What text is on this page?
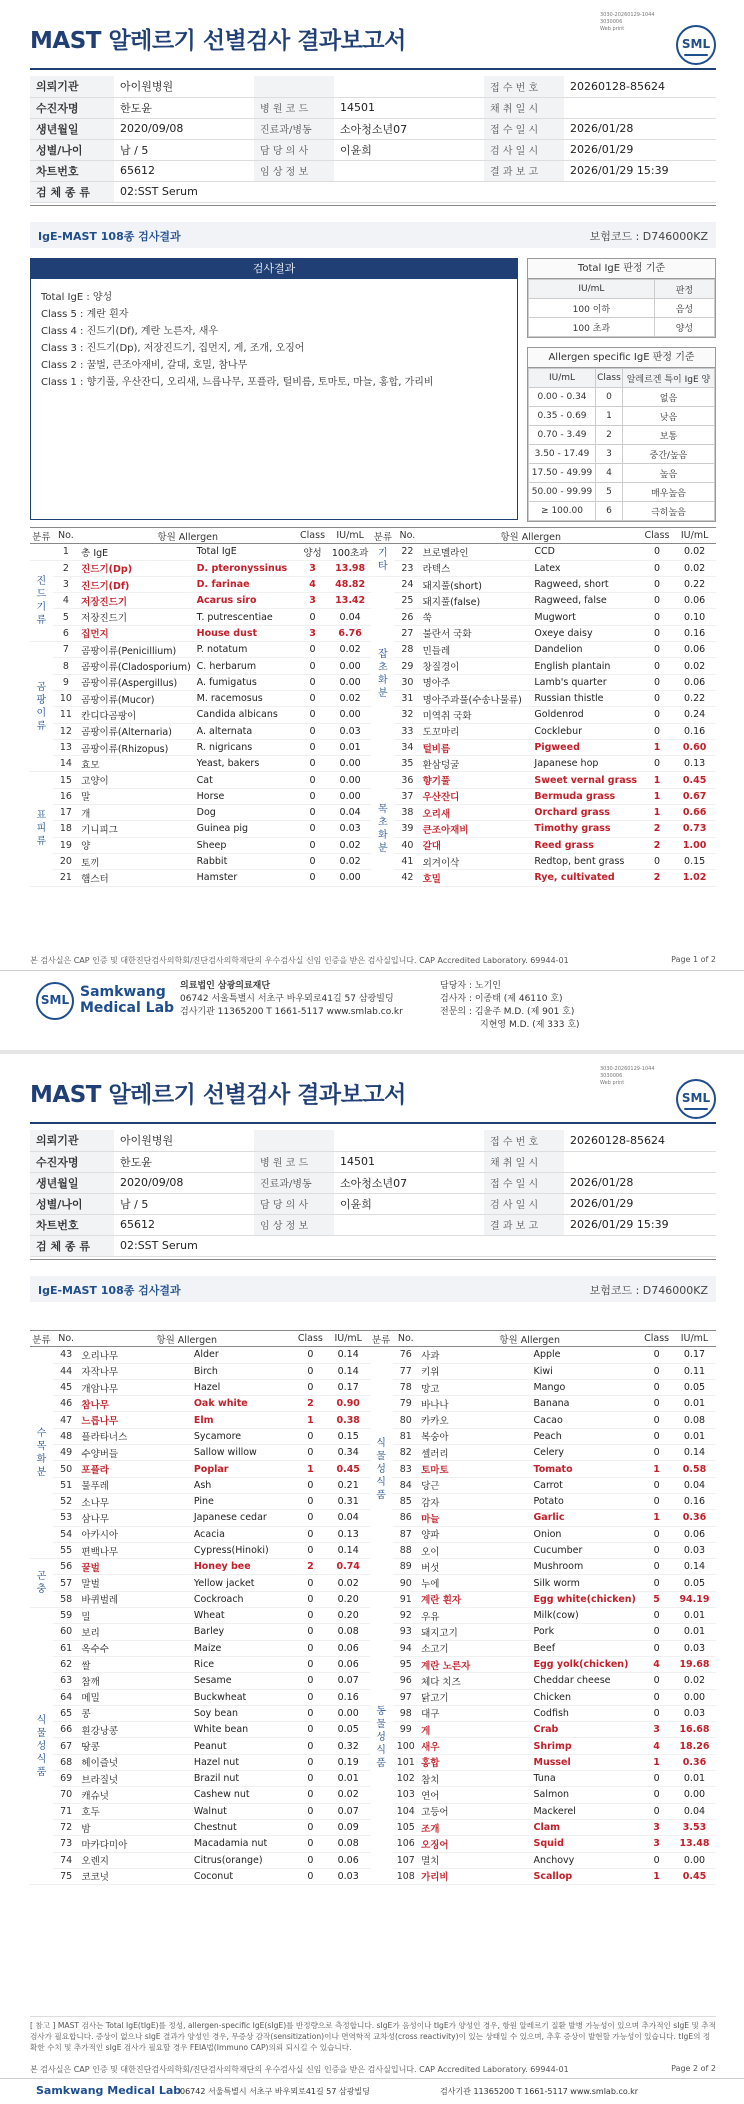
3030-20260129-1044
3030006
Web print
MAST 알레르기 선별검사 결과보고서	SML
의뢰기관	아이원병원			접 수 번 호	20260128-85624
수진자명	한도윤	병 원 코 드	14501	채 취 일 시	
생년월일	2020/09/08	진료과/병동	소아청소년07	접 수 일 시	2026/01/28
성별/나이	남 / 5	담 당 의 사	이윤희	검 사 일 시	2026/01/29
차트번호	65612	임 상 정 보		결 과 보 고	2026/01/29 15:39
검 체 종 류	02:SST Serum				
IgE-MAST 108종 검사결과	보험코드 : D746000KZ
검사결과
Total IgE : 양성
Class 5 : 계란 흰자
Class 4 : 진드기(Df), 계란 노른자, 새우
Class 3 : 진드기(Dp), 저장진드기, 집먼지, 게, 조개, 오징어
Class 2 : 꿀벌, 큰조아재비, 갈대, 호밀, 참나무
Class 1 : 향기풀, 우산잔디, 오리새, 느릅나무, 포플라, 털비름, 토마토, 마늘, 홍합, 가리비
Total IgE 판정 기준
IU/mL	판정
100 이하	음성
100 초과	양성
Allergen specific IgE 판정 기준
IU/mL	Class	알레르겐 특이 IgE 양
0.00 - 0.34	0	없음
0.35 - 0.69	1	낮음
0.70 - 3.49	2	보통
3.50 - 17.49	3	중간/높음
17.50 - 49.99	4	높음
50.00 - 99.99	5	매우높음
≥ 100.00	6	극히높음
분류	No.	항원 Allergen		Class	IU/mL	분류	No.	항원 Allergen		Class	IU/mL
	1	총 IgE	Total IgE	양성	100초과	기타	22	브로멜라인	CCD	0	0.02
진드기류	2	진드기(Dp)	D. pteronyssinus	3	13.98		23	라텍스	Latex	0	0.02
	3	진드기(Df)	D. farinae	4	48.82	잡초화분	24	돼지풀(short)	Ragweed, short	0	0.22
	4	저장진드기	Acarus siro	3	13.42		25	돼지풀(false)	Ragweed, false	0	0.06
	5	저장진드기	T. putrescentiae	0	0.04		26	쑥	Mugwort	0	0.10
	6	집먼지	House dust	3	6.76		27	불란서 국화	Oxeye daisy	0	0.16
곰팡이류	7	곰팡이류(Penicillium)	P. notatum	0	0.02		28	민들레	Dandelion	0	0.06
	8	곰팡이류(Cladosporium)	C. herbarum	0	0.00		29	창질경이	English plantain	0	0.02
	9	곰팡이류(Aspergillus)	A. fumigatus	0	0.00		30	명아주	Lamb's quarter	0	0.06
	10	곰팡이류(Mucor)	M. racemosus	0	0.02		31	명아주과풀(수송나물류)	Russian thistle	0	0.22
	11	칸디다곰팡이	Candida albicans	0	0.00		32	미역취 국화	Goldenrod	0	0.24
	12	곰팡이류(Alternaria)	A. alternata	0	0.03		33	도꼬마리	Cocklebur	0	0.16
	13	곰팡이류(Rhizopus)	R. nigricans	0	0.01		34	털비름	Pigweed	1	0.60
	14	효모	Yeast, bakers	0	0.00		35	환삼덩굴	Japanese hop	0	0.13
표피류	15	고양이	Cat	0	0.00	목초화분	36	향기풀	Sweet vernal grass	1	0.45
	16	말	Horse	0	0.00		37	우산잔디	Bermuda grass	1	0.67
	17	개	Dog	0	0.04		38	오리새	Orchard grass	1	0.66
	18	기니피그	Guinea pig	0	0.03		39	큰조아재비	Timothy grass	2	0.73
	19	양	Sheep	0	0.02		40	갈대	Reed grass	2	1.00
	20	토끼	Rabbit	0	0.02		41	외겨이삭	Redtop, bent grass	0	0.15
	21	햄스터	Hamster	0	0.00		42	호밀	Rye, cultivated	2	1.02
본 검사실은 CAP 인증 및 대한진단검사의학회/진단검사의학재단의 우수검사실 신임 인증을 받은 검사실입니다. CAP Accredited Laboratory. 69944-01	Page 1 of 2
SML Samkwang
Medical Lab
의료법인 삼광의료재단
06742 서울특별시 서초구 바우뫼로41길 57 삼광빌딩
검사기관 11365200 T 1661-5117 www.smlab.co.kr
담당자 : 노기인
검사자 : 이종태 (제 46110 호)
전문의 : 김윤주 M.D. (제 901 호)
지현영 M.D. (제 333 호)
3030-20260129-1044
3030006
Web print
MAST 알레르기 선별검사 결과보고서	SML
의뢰기관	아이원병원			접 수 번 호	20260128-85624
수진자명	한도윤	병 원 코 드	14501	채 취 일 시	
생년월일	2020/09/08	진료과/병동	소아청소년07	접 수 일 시	2026/01/28
성별/나이	남 / 5	담 당 의 사	이윤희	검 사 일 시	2026/01/29
차트번호	65612	임 상 정 보		결 과 보 고	2026/01/29 15:39
검 체 종 류	02:SST Serum				
IgE-MAST 108종 검사결과	보험코드 : D746000KZ
분류	No.	항원 Allergen		Class	IU/mL	분류	No.	항원 Allergen		Class	IU/mL
수목화분	43	오리나무	Alder	0	0.14	식물성식품	76	사과	Apple	0	0.17
	44	자작나무	Birch	0	0.14		77	키위	Kiwi	0	0.11
	45	개암나무	Hazel	0	0.17		78	망고	Mango	0	0.05
	46	참나무	Oak white	2	0.90		79	바나나	Banana	0	0.01
	47	느릅나무	Elm	1	0.38		80	카카오	Cacao	0	0.08
	48	플라타너스	Sycamore	0	0.15		81	복숭아	Peach	0	0.01
	49	수양버들	Sallow willow	0	0.34		82	셀러리	Celery	0	0.14
	50	포플라	Poplar	1	0.45		83	토마토	Tomato	1	0.58
	51	물푸레	Ash	0	0.21		84	당근	Carrot	0	0.04
	52	소나무	Pine	0	0.31		85	감자	Potato	0	0.16
	53	삼나무	Japanese cedar	0	0.04		86	마늘	Garlic	1	0.36
	54	아카시아	Acacia	0	0.13		87	양파	Onion	0	0.06
	55	편백나무	Cypress(Hinoki)	0	0.14		88	오이	Cucumber	0	0.03
곤충	56	꿀벌	Honey bee	2	0.74		89	버섯	Mushroom	0	0.14
	57	말벌	Yellow jacket	0	0.02		90	누에	Silk worm	0	0.05
	58	바퀴벌레	Cockroach	0	0.20	동물성식품	91	계란 흰자	Egg white(chicken)	5	94.19
식물성식품	59	밀	Wheat	0	0.20		92	우유	Milk(cow)	0	0.01
	60	보리	Barley	0	0.08		93	돼지고기	Pork	0	0.01
	61	옥수수	Maize	0	0.06		94	소고기	Beef	0	0.03
	62	쌀	Rice	0	0.06		95	계란 노른자	Egg yolk(chicken)	4	19.68
	63	참깨	Sesame	0	0.07		96	체다 치즈	Cheddar cheese	0	0.02
	64	메밀	Buckwheat	0	0.16		97	닭고기	Chicken	0	0.00
	65	콩	Soy bean	0	0.00		98	대구	Codfish	0	0.03
	66	흰강낭콩	White bean	0	0.05		99	게	Crab	3	16.68
	67	땅콩	Peanut	0	0.32		100	새우	Shrimp	4	18.26
	68	헤이즐넛	Hazel nut	0	0.19		101	홍합	Mussel	1	0.36
	69	브라질넛	Brazil nut	0	0.01		102	참치	Tuna	0	0.01
	70	캐슈넛	Cashew nut	0	0.02		103	연어	Salmon	0	0.00
	71	호두	Walnut	0	0.07		104	고등어	Mackerel	0	0.04
	72	밤	Chestnut	0	0.09		105	조개	Clam	3	3.53
	73	마카다미아	Macadamia nut	0	0.08		106	오징어	Squid	3	13.48
	74	오렌지	Citrus(orange)	0	0.06		107	멸치	Anchovy	0	0.00
	75	코코넛	Coconut	0	0.03		108	가리비	Scallop	1	0.45
본 검사실은 CAP 인증 및 대한진단검사의학회/진단검사의학재단의 우수검사실 신임 인증을 받은 검사실입니다. CAP Accredited Laboratory. 69944-01	Page 2 of 2
[ 참고 ] MAST 검사는 Total IgE(tIgE)를 정성, allergen-specific IgE(sIgE)를 반정량으로 측정합니다. sIgE가 음성이나 tIgE가 양성인 경우, 항원 알레르기 질환 발병 가능성이 있으며 추가적인 sIgE 및 추적검사가 필요합니다. 증상이 없으나 sIgE 결과가 양성인 경우, 무증상 감작(sensitization)이나 면역학적 교차성(cross reactivity)이 있는 상태일 수 있으며, 추후 증상이 발현할 가능성이 있습니다. tIgE의 정확한 수치 및 추가적인 sIgE 검사가 필요할 경우 FEIA법(Immuno CAP)의뢰 되시길 수 있습니다.
Samkwang Medical Lab
06742 서울특별시 서초구 바우뫼로41길 57 삼광빌딩	검사기관 11365200 T 1661-5117 www.smlab.co.kr
